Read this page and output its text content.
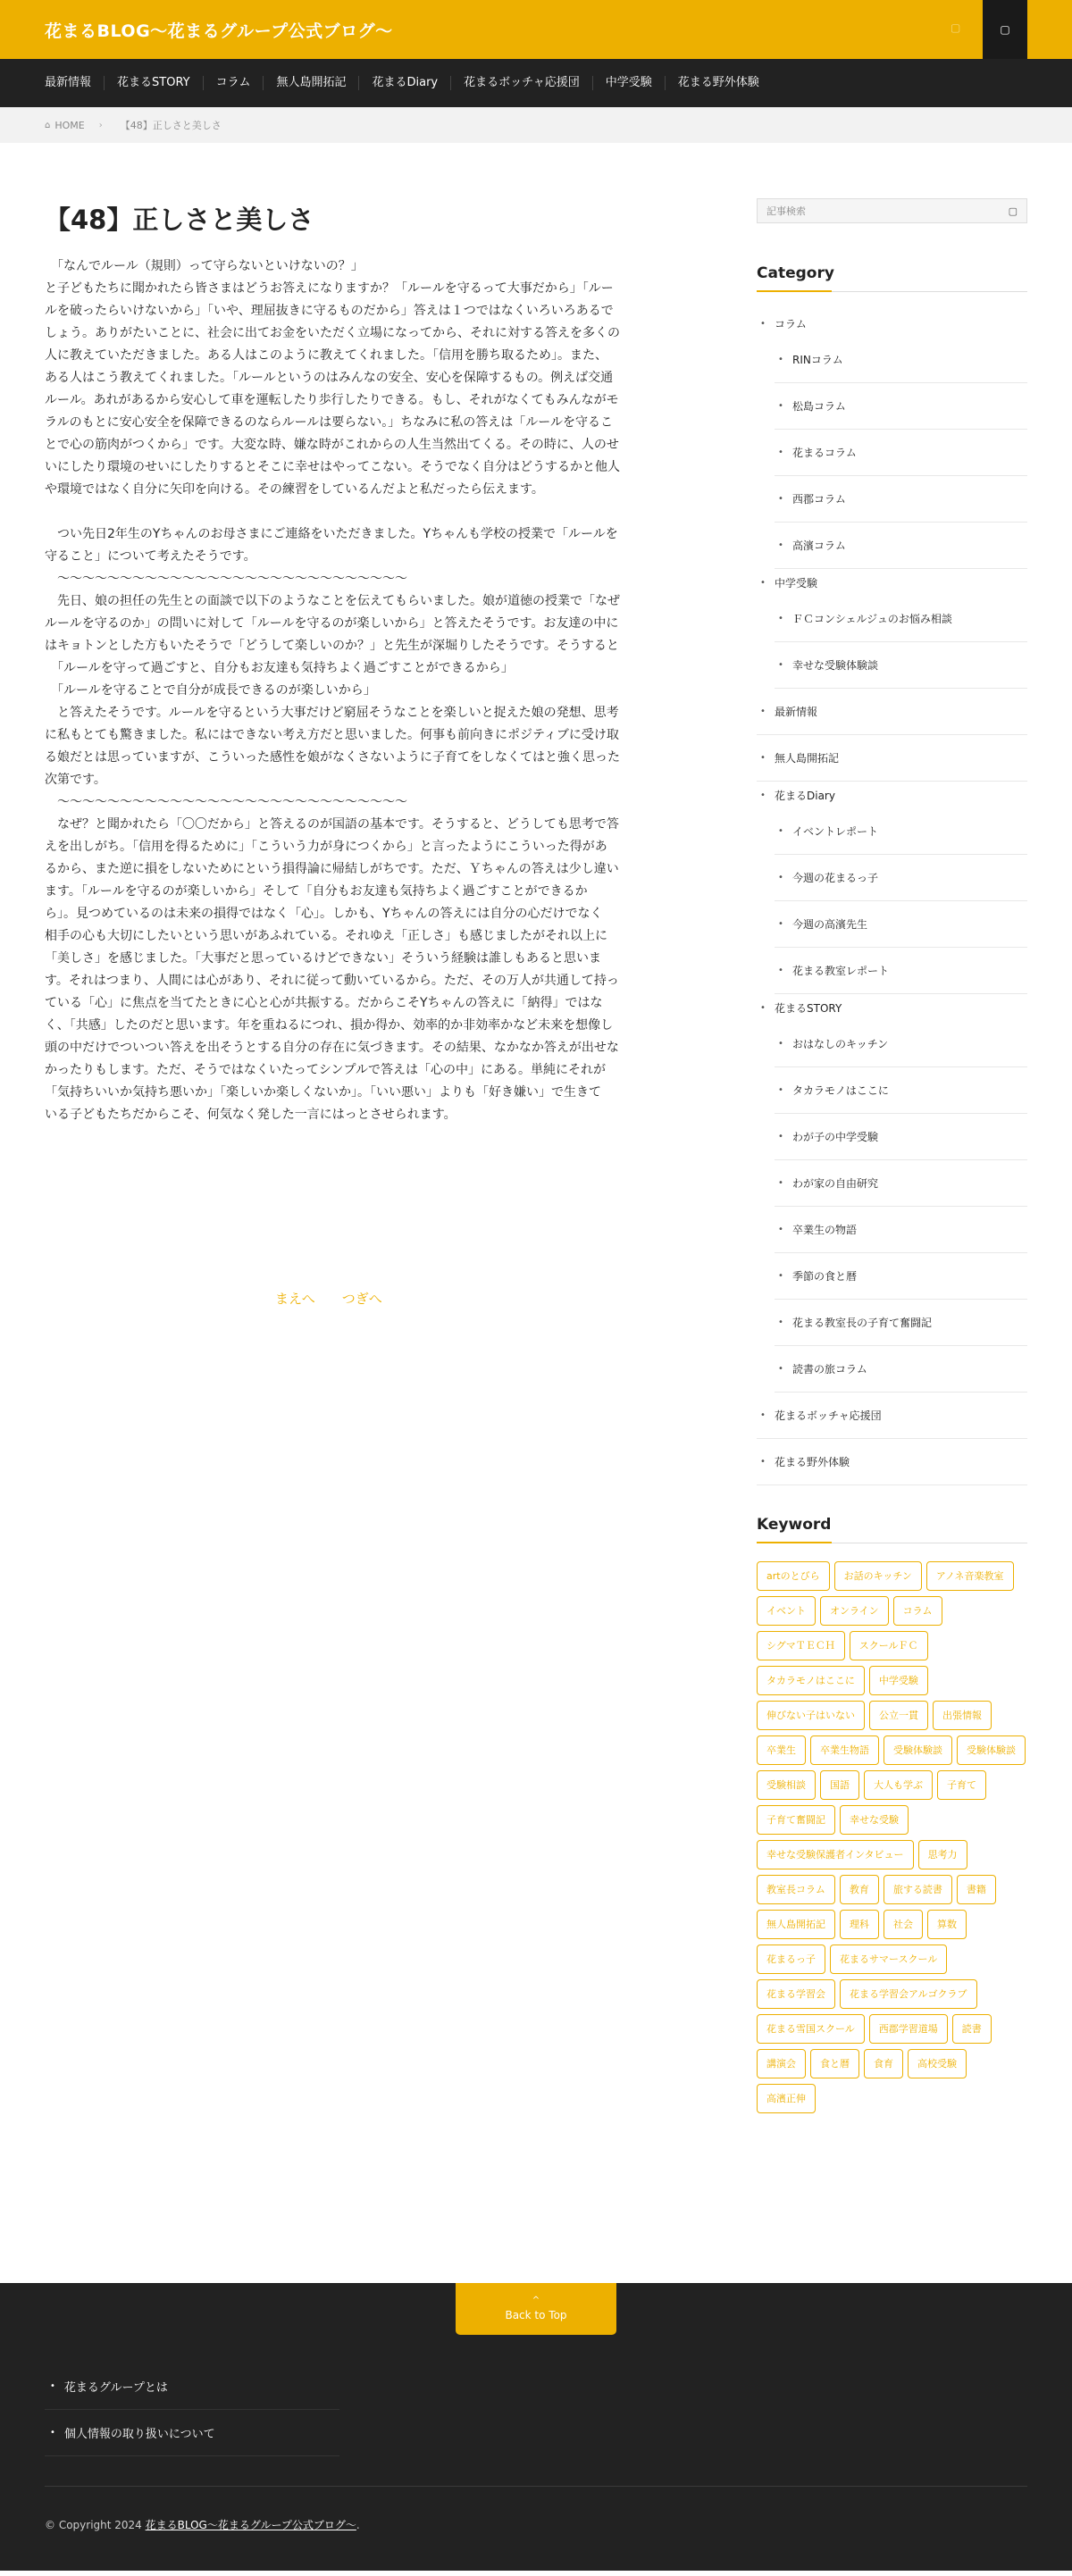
花まるBLOG〜花まるグループ公式ブログ〜	▢	▢
最新情報	花まるSTORY	コラム	無人島開拓記	花まるDiary	花まるボッチャ応援団	中学受験	花まる野外体験
⌂ HOME › 【48】正しさと美しさ
【48】正しさと美しさ

　「なんでルール（規則）って守らないといけないの？」
と子どもたちに聞かれたら皆さまはどうお答えになりますか？「ルールを守るって大事だから」「ルー
ルを破ったらいけないから」「いや、理屈抜きに守るものだから」答えは１つではなくいろいろあるで
しょう。ありがたいことに、社会に出てお金をいただく立場になってから、それに対する答えを多くの
人に教えていただきました。ある人はこのように教えてくれました。「信用を勝ち取るため」。また、
ある人はこう教えてくれました。「ルールというのはみんなの安全、安心を保障するもの。例えば交通
ルール。あれがあるから安心して車を運転したり歩行したりできる。もし、それがなくてもみんながモ
ラルのもとに安心安全を保障できるのならルールは要らない。」ちなみに私の答えは「ルールを守るこ
とで心の筋肉がつくから」です。大変な時、嫌な時がこれからの人生当然出てくる。その時に、人のせ
いにしたり環境のせいにしたりするとそこに幸せはやってこない。そうでなく自分はどうするかと他人
や環境ではなく自分に矢印を向ける。その練習をしているんだよと私だったら伝えます。

　つい先日2年生のYちゃんのお母さまにご連絡をいただきました。Yちゃんも学校の授業で「ルールを
守ること」について考えたそうです。
　〜〜〜〜〜〜〜〜〜〜〜〜〜〜〜〜〜〜〜〜〜〜〜〜〜〜〜〜
　先日、娘の担任の先生との面談で以下のようなことを伝えてもらいました。娘が道徳の授業で「なぜ
ルールを守るのか」の問いに対して「ルールを守るのが楽しいから」と答えたそうです。お友達の中に
はキョトンとした方もいたそうで「どうして楽しいのか？」と先生が深堀りしたそうです。そうすると
　「ルールを守って過ごすと、自分もお友達も気持ちよく過ごすことができるから」
　「ルールを守ることで自分が成長できるのが楽しいから」
　と答えたそうです。ルールを守るという大事だけど窮屈そうなことを楽しいと捉えた娘の発想、思考
に私もとても驚きました。私にはできない考え方だと思いました。何事も前向きにポジティブに受け取
る娘だとは思っていますが、こういった感性を娘がなくさないように子育てをしなくてはと強く思った
次第です。
　〜〜〜〜〜〜〜〜〜〜〜〜〜〜〜〜〜〜〜〜〜〜〜〜〜〜〜〜
　なぜ？と聞かれたら「〇〇だから」と答えるのが国語の基本です。そうすると、どうしても思考で答
えを出しがち。「信用を得るために」「こういう力が身につくから」と言ったようにこういった得があ
るから、また逆に損をしないためにという損得論に帰結しがちです。ただ、Ｙちゃんの答えは少し違い
ます。「ルールを守るのが楽しいから」そして「自分もお友達も気持ちよく過ごすことができるか
ら」。見つめているのは未来の損得ではなく「心」。しかも、Yちゃんの答えには自分の心だけでなく
相手の心も大切にしたいという思いがあふれている。それゆえ「正しさ」も感じましたがそれ以上に
「美しさ」を感じました。「大事だと思っているけどできない」そういう経験は誰しもあると思いま
す。それはつまり、人間には心があり、それに従って動いているから。ただ、その万人が共通して持っ
ている「心」に焦点を当てたときに心と心が共振する。だからこそYちゃんの答えに「納得」ではな
く、「共感」したのだと思います。年を重ねるにつれ、損か得か、効率的か非効率かなど未来を想像し
頭の中だけでついつい答えを出そうとする自分の存在に気づきます。その結果、なかなか答えが出せな
かったりもします。ただ、そうではなくいたってシンプルで答えは「心の中」にある。単純にそれが
「気持ちいいか気持ち悪いか」「楽しいか楽しくないか」。「いい悪い」よりも「好き嫌い」で生きて
いる子どもたちだからこそ、何気なく発した一言にはっとさせられます。

まえへ つぎへ
記事検索	▢
Category
• コラム
• RINコラム
• 松島コラム
• 花まるコラム
• 西郡コラム
• 高濱コラム
• 中学受験
• ＦＣコンシェルジュのお悩み相談
• 幸せな受験体験談
• 最新情報
• 無人島開拓記
• 花まるDiary
• イベントレポート
• 今週の花まるっ子
• 今週の高濱先生
• 花まる教室レポート
• 花まるSTORY
• おはなしのキッチン
• タカラモノはここに
• わが子の中学受験
• わが家の自由研究
• 卒業生の物語
• 季節の食と暦
• 花まる教室長の子育て奮闘記
• 読書の旅コラム
• 花まるボッチャ応援団
• 花まる野外体験
Keyword
artのとびら	お話のキッチン	アノネ音楽教室
イベント	オンライン	コラム
シグマＴＥＣＨ	スクールＦＣ
タカラモノはここに	中学受験
伸びない子はいない	公立一貫	出張情報
卒業生	卒業生物語	受験体験談	受験体験談
受験相談	国語	大人も学ぶ	子育て
子育て奮闘記	幸せな受験
幸せな受験保護者インタビュー	思考力
教室長コラム	教育	旅する読書	書籍
無人島開拓記	理科	社会	算数
花まるっ子	花まるサマースクール
花まる学習会	花まる学習会アルゴクラブ
花まる雪国スクール	西郡学習道場	読書
講演会	食と暦	食育	高校受験
高濱正伸
^
Back to Top
• 花まるグループとは
• 個人情報の取り扱いについて
© Copyright 2024 花まるBLOG〜花まるグループ公式ブログ〜.
